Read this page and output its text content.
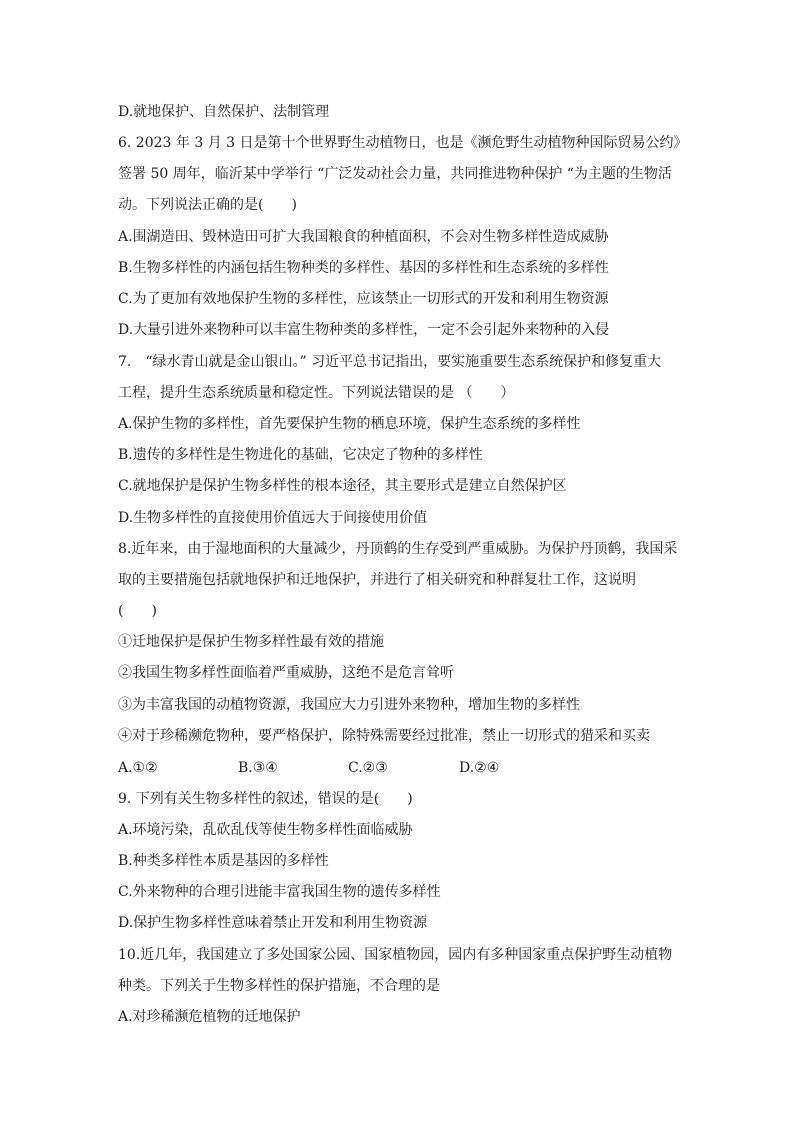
D.就地保护、自然保护、法制管理
6. 2023 年 3 月 3 日是第十个世界野生动植物日，也是《濒危野生动植物种国际贸易公约》
签署 50 周年，临沂某中学举行 “广泛发动社会力量，共同推进物种保护 “为主题的生物活
动。下列说法正确的是(　　)
A.围湖造田、毁林造田可扩大我国粮食的种植面积，不会对生物多样性造成威胁
B.生物多样性的内涵包括生物种类的多样性、基因的多样性和生态系统的多样性
C.为了更加有效地保护生物的多样性，应该禁止一切形式的开发和利用生物资源
D.大量引进外来物种可以丰富生物种类的多样性，一定不会引起外来物种的入侵
7.　“绿水青山就是金山银山。” 习近平总书记指出，要实施重要生态系统保护和修复重大
工程，提升生态系统质量和稳定性。下列说法错误的是 （　　）
A.保护生物的多样性，首先要保护生物的栖息环境，保护生态系统的多样性
B.遗传的多样性是生物进化的基础，它决定了物种的多样性
C.就地保护是保护生物多样性的根本途径，其主要形式是建立自然保护区
D.生物多样性的直接使用价值远大于间接使用价值
8.近年来，由于湿地面积的大量减少，丹顶鹤的生存受到严重威胁。为保护丹顶鹤，我国采
取的主要措施包括就地保护和迁地保护，并进行了相关研究和种群复壮工作，这说明
(　　)
①迁地保护是保护生物多样性最有效的措施
②我国生物多样性面临着严重威胁，这绝不是危言耸听
③为丰富我国的动植物资源，我国应大力引进外来物种，增加生物的多样性
④对于珍稀濒危物种，要严格保护，除特殊需要经过批准，禁止一切形式的猎采和买卖
A.①②	B.③④	C.②③	D.②④
9. 下列有关生物多样性的叙述，错误的是(　　)
A.环境污染，乱砍乱伐等使生物多样性面临威胁
B.种类多样性本质是基因的多样性
C.外来物种的合理引进能丰富我国生物的遗传多样性
D.保护生物多样性意味着禁止开发和利用生物资源
10.近几年，我国建立了多处国家公园、国家植物园，园内有多种国家重点保护野生动植物
种类。下列关于生物多样性的保护措施，不合理的是
A.对珍稀濒危植物的迁地保护
